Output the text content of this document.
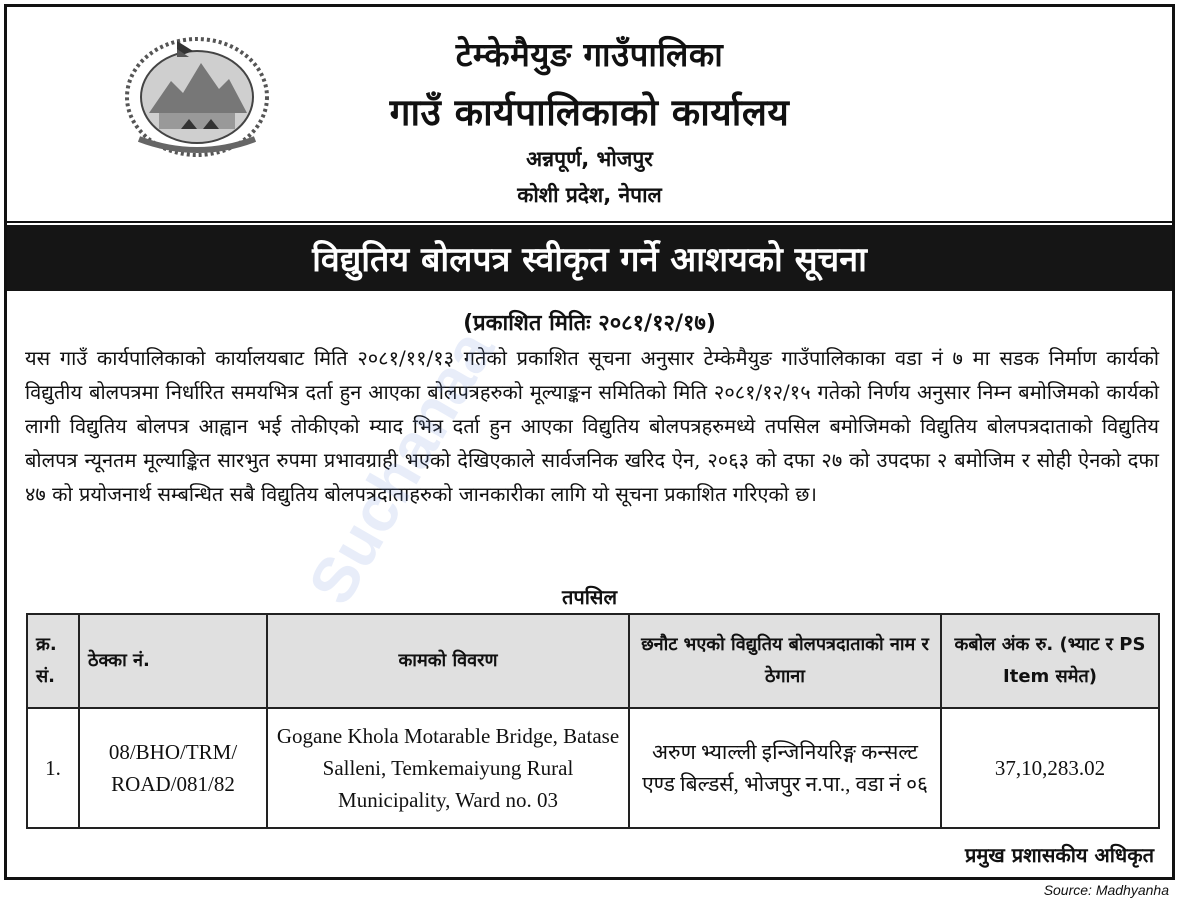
टेम्केमैयुङ गाउँपालिका
गाउँ कार्यपालिकाको कार्यालय
अन्नपूर्ण, भोजपुर
कोशी प्रदेश, नेपाल
विद्युतिय बोलपत्र स्वीकृत गर्ने आशयको सूचना
(प्रकाशित मितिः २०८१/१२/१७)
यस गाउँ कार्यपालिकाको कार्यालयबाट मिति २०८१/११/१३ गतेको प्रकाशित सूचना अनुसार टेम्केमैयुङ गाउँपालिकाका वडा नं ७ मा सडक निर्माण कार्यको विद्युतीय बोलपत्रमा निर्धारित समयभित्र दर्ता हुन आएका बोलपत्रहरुको मूल्याङ्कन समितिको मिति २०८१/१२/१५ गतेको निर्णय अनुसार निम्न बमोजिमको कार्यको लागी विद्युतिय बोलपत्र आह्वान भई तोकीएको म्याद भित्र दर्ता हुन आएका विद्युतिय बोलपत्रहरुमध्ये तपसिल बमोजिमको विद्युतिय बोलपत्रदाताको विद्युतिय बोलपत्र न्यूनतम मूल्याङ्कित सारभुत रुपमा प्रभावग्राही भएको देखिएकाले सार्वजनिक खरिद ऐन, २०६३ को दफा २७ को उपदफा २ बमोजिम र सोही ऐनको दफा ४७ को प्रयोजनार्थ सम्बन्धित सबै विद्युतिय बोलपत्रदाताहरुको जानकारीका लागि यो सूचना प्रकाशित गरिएको छ।
तपसिल
क्र. सं.	ठेक्का नं.	कामको विवरण	छनौट भएको विद्युतिय बोलपत्रदाताको नाम र ठेगाना	कबोल अंक रु. (भ्याट र PS Item समेत)
1.	08/BHO/TRM/ ROAD/081/82	Gogane Khola Motarable Bridge, Batase Salleni, Temkemaiyung Rural Municipality, Ward no. 03	अरुण भ्याल्ली इन्जिनियरिङ्ग कन्सल्ट एण्ड बिल्डर्स, भोजपुर न.पा., वडा नं ०६	37,10,283.02
प्रमुख प्रशासकीय अधिकृत
Suchanaa
Source: Madhyanha
